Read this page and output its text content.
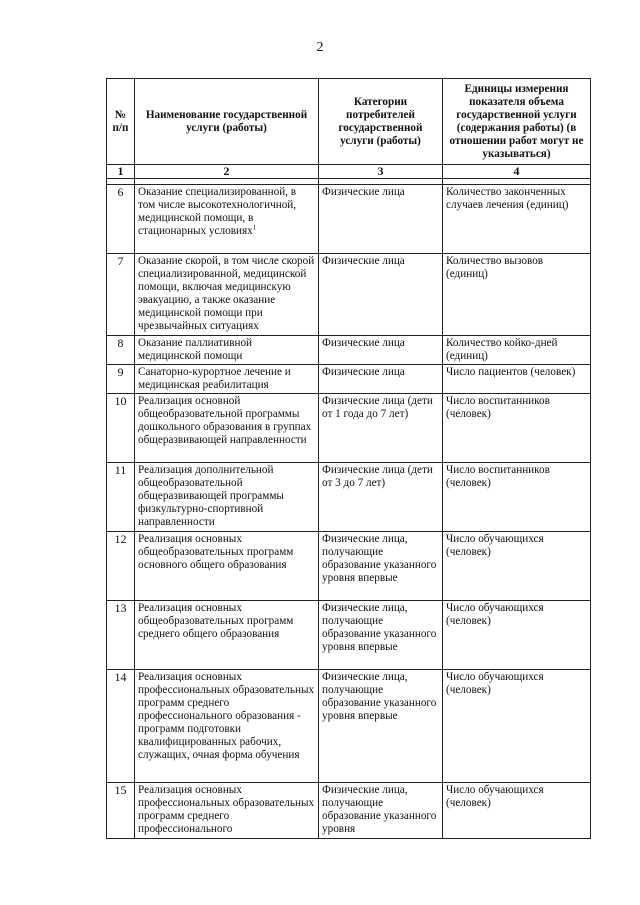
2
№ п/п	Наименование государственной услуги (работы)	Категории потребителей государственной услуги (работы)	Единицы измерения показателя объема государственной услуги (содержания работы) (в отношении работ могут не указываться)
1	2	3	4

6	Оказание специализированной, в том числе высокотехнологичной, медицинской помощи, в стационарных условиях$^1$	Физические лица	Количество законченных случаев лечения (единиц)
7	Оказание скорой, в том числе скорой специализированной, медицинской помощи, включая медицинскую эвакуацию, а также оказание медицинской помощи при чрезвычайных ситуациях	Физические лица	Количество вызовов (единиц)
8	Оказание паллиативной медицинской помощи	Физические лица	Количество койко-дней (единиц)
9	Санаторно-курортное лечение и медицинская реабилитация	Физические лица	Число пациентов (человек)
10	Реализация основной общеобразовательной программы дошкольного образования в группах общеразвивающей направленности	Физические лица (дети от 1 года до 7 лет)	Число воспитанников (человек)
11	Реализация дополнительной общеобразовательной общеразвивающей программы физкультурно-спортивной направленности	Физические лица (дети от 3 до 7 лет)	Число воспитанников (человек)
12	Реализация основных общеобразовательных программ основного общего образования	Физические лица, получающие образование указанного уровня впервые	Число обучающихся (человек)
13	Реализация основных общеобразовательных программ среднего общего образования	Физические лица, получающие образование указанного уровня впервые	Число обучающихся (человек)
14	Реализация основных профессиональных образовательных программ среднего профессионального образования - программ подготовки квалифицированных рабочих, служащих, очная форма обучения	Физические лица, получающие образование указанного уровня впервые	Число обучающихся (человек)
15	Реализация основных профессиональных образовательных программ среднего профессионального	Физические лица, получающие образование указанного уровня	Число обучающихся (человек)
